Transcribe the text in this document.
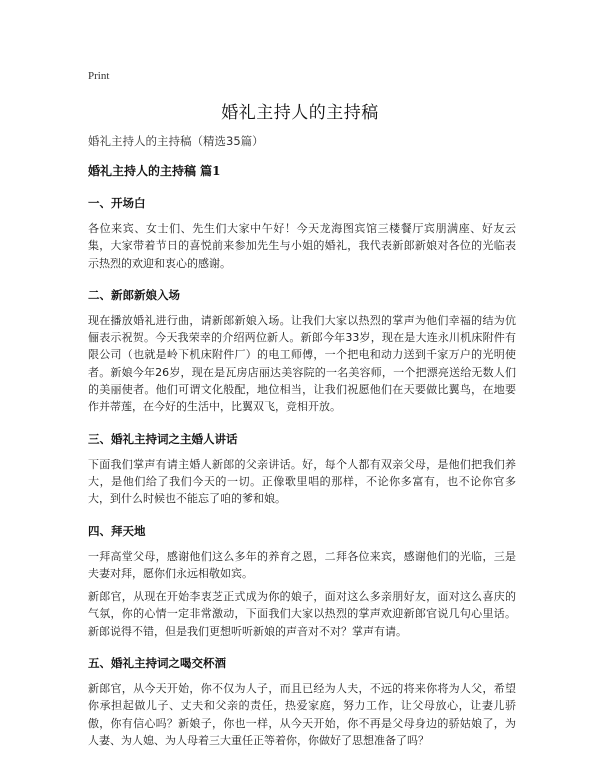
Print
婚礼主持人的主持稿

婚礼主持人的主持稿（精选35篇）

婚礼主持人的主持稿 篇1
一、开场白

各位来宾、女士们、先生们大家中午好！今天龙海图宾馆三楼餐厅宾朋满座、好友云集，大家带着节日的喜悦前来参加先生与小姐的婚礼，我代表新郎新娘对各位的光临表示热烈的欢迎和衷心的感谢。

二、新郎新娘入场

现在播放婚礼进行曲，请新郎新娘入场。让我们大家以热烈的掌声为他们幸福的结为伉俪表示祝贺。今天我荣幸的介绍两位新人。新郎今年33岁，现在是大连永川机床附件有限公司（也就是岭下机床附件厂）的电工师傅，一个把电和动力送到千家万户的光明使者。新娘今年26岁，现在是瓦房店丽达美容院的一名美容师，一个把漂亮送给无数人们的美丽使者。他们可谓文化般配，地位相当，让我们祝愿他们在天要做比翼鸟，在地要作并蒂莲，在今好的生活中，比翼双飞，竞相开放。

三、婚礼主持词之主婚人讲话

下面我们掌声有请主婚人新郎的父亲讲话。好，每个人都有双亲父母，是他们把我们养大，是他们给了我们今天的一切。正像歌里唱的那样，不论你多富有，也不论你官多大，到什么时候也不能忘了咱的爹和娘。

四、拜天地

一拜高堂父母，感谢他们这么多年的养育之恩，二拜各位来宾，感谢他们的光临，三是夫妻对拜，愿你们永远相敬如宾。

新郎官，从现在开始李衷芝正式成为你的娘子，面对这么多亲朋好友，面对这么喜庆的气氛，你的心情一定非常激动，下面我们大家以热烈的掌声欢迎新郎官说几句心里话。新郎说得不错，但是我们更想听听新娘的声音对不对？掌声有请。

五、婚礼主持词之喝交杯酒

新郎官，从今天开始，你不仅为人子，而且已经为人夫，不远的将来你将为人父，希望你承担起做儿子、丈夫和父亲的责任，热爱家庭，努力工作，让父母放心，让妻儿骄傲，你有信心吗？新娘子，你也一样，从今天开始，你不再是父母身边的骄姑娘了，为人妻、为人媳、为人母着三大重任正等着你，你做好了思想准备了吗？
